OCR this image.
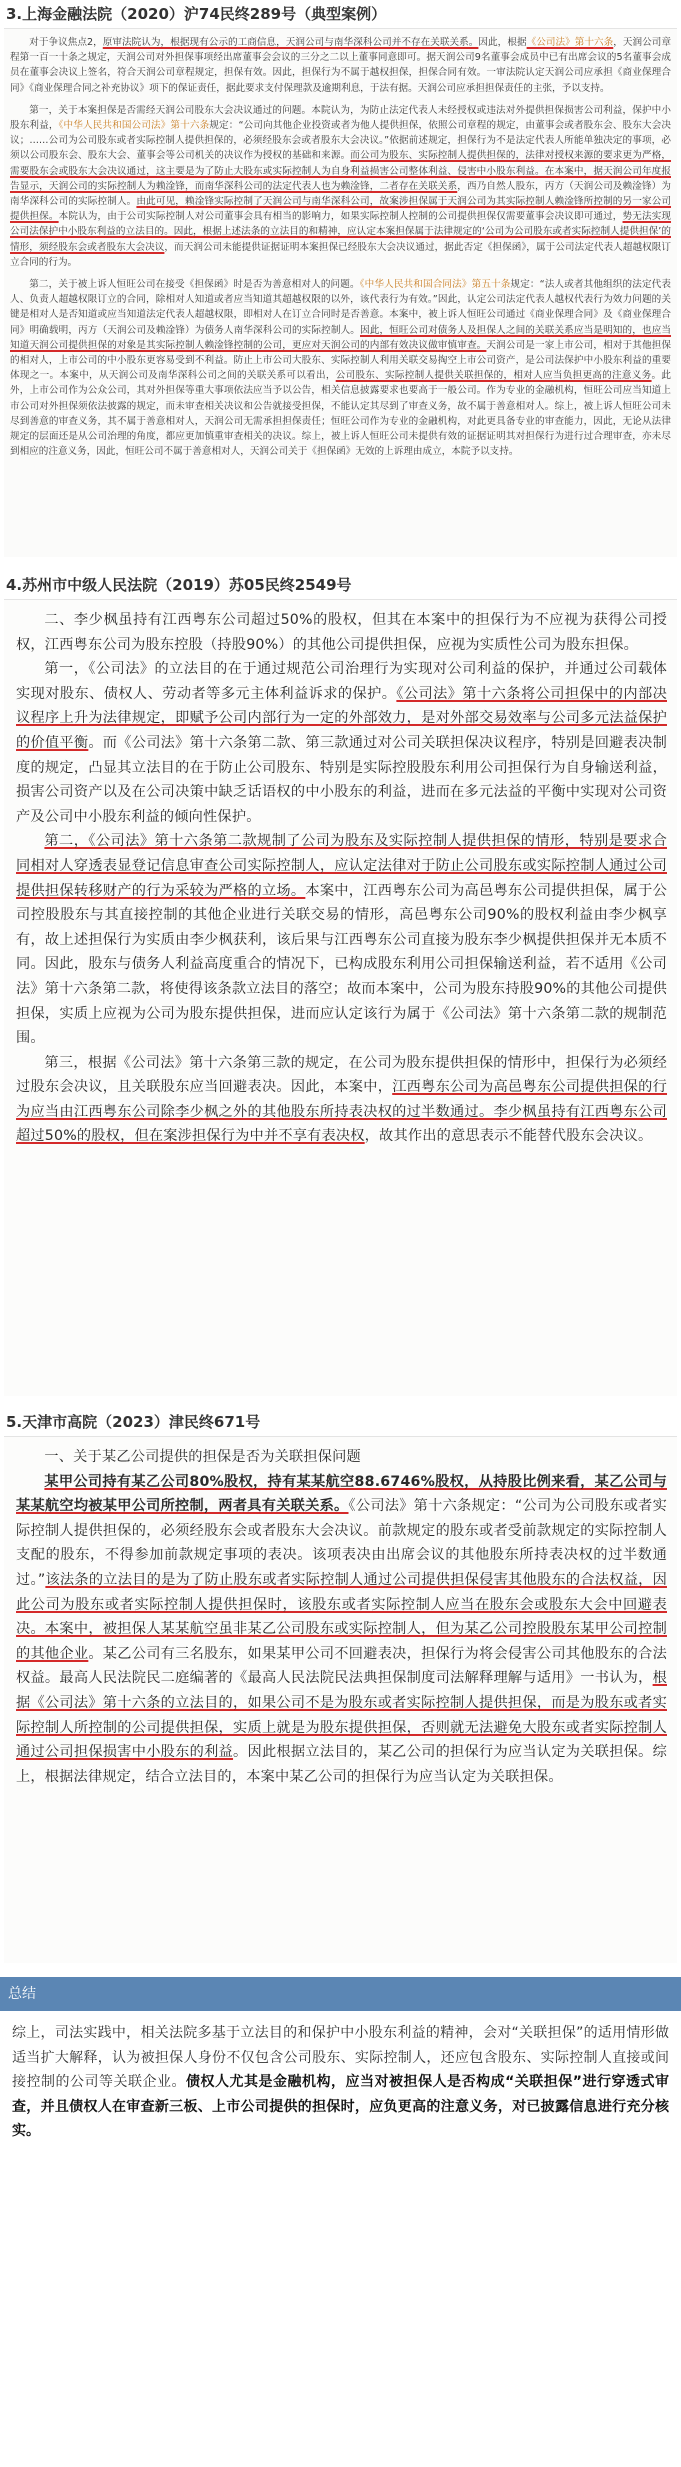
3.上海金融法院（2020）沪74民终289号（典型案例）

对于争议焦点2，原审法院认为，根据现有公示的工商信息，天润公司与南华深科公司并不存在关联关系。因此，根据《公司法》第十六条，天润公司章程第一百一十条之规定，天润公司对外担保事项经出席董事会会议的三分之二以上董事同意即可。据天润公司9名董事会成员中已有出席会议的5名董事会成员在董事会决议上签名，符合天润公司章程规定，担保有效。因此，担保行为不属于越权担保，担保合同有效。一审法院认定天润公司应承担《商业保理合同》《商业保理合同之补充协议》项下的保证责任，据此要求支付保理款及逾期利息，于法有据。天润公司应承担担保责任的主张，予以支持。

第一，关于本案担保是否需经天润公司股东大会决议通过的问题。本院认为，为防止法定代表人未经授权或违法对外提供担保损害公司利益，保护中小股东利益，《中华人民共和国公司法》第十六条规定：“公司向其他企业投资或者为他人提供担保，依照公司章程的规定，由董事会或者股东会、股东大会决议；……公司为公司股东或者实际控制人提供担保的，必须经股东会或者股东大会决议。”依据前述规定，担保行为不是法定代表人所能单独决定的事项，必须以公司股东会、股东大会、董事会等公司机关的决议作为授权的基础和来源。而公司为股东、实际控制人提供担保的，法律对授权来源的要求更为严格，需要股东会或股东大会决议通过，这主要是为了防止大股东或实际控制人为自身利益损害公司整体利益、侵害中小股东利益。在本案中，据天润公司年度报告显示，天润公司的实际控制人为赖淦锋，而南华深科公司的法定代表人也为赖淦锋，二者存在关联关系，西乃自然人股东，丙方（天润公司及赖淦锋）为南华深科公司的实际控制人。由此可见，赖淦锋实际控制了天润公司与南华深科公司，故案涉担保属于天润公司为其实际控制人赖淦锋所控制的另一家公司提供担保。本院认为，由于公司实际控制人对公司董事会具有相当的影响力，如果实际控制人控制的公司提供担保仅需要董事会决议即可通过，势无法实现公司法保护中小股东利益的立法目的。因此，根据上述法条的立法目的和精神，应认定本案担保属于法律规定的‘公司为公司股东或者实际控制人提供担保’的情形，须经股东会或者股东大会决议，而天润公司未能提供证据证明本案担保已经股东大会决议通过，据此否定《担保函》，属于公司法定代表人超越权限订立合同的行为。

第二，关于被上诉人恒旺公司在接受《担保函》时是否为善意相对人的问题。《中华人民共和国合同法》第五十条规定：“法人或者其他组织的法定代表人、负责人超越权限订立的合同，除相对人知道或者应当知道其超越权限的以外，该代表行为有效。”因此，认定公司法定代表人越权代表行为效力问题的关键是相对人是否知道或应当知道法定代表人超越权限，即相对人在订立合同时是否善意。本案中，被上诉人恒旺公司通过《商业保理合同》及《商业保理合同》明确载明，丙方（天润公司及赖淦锋）为债务人南华深科公司的实际控制人。因此，恒旺公司对债务人及担保人之间的关联关系应当是明知的，也应当知道天润公司提供担保的对象是其实际控制人赖淦锋控制的公司，更应对天润公司的内部有效决议做审慎审查。天润公司是一家上市公司，相对于其他担保的相对人，上市公司的中小股东更容易受到不利益。防止上市公司大股东、实际控制人利用关联交易掏空上市公司资产，是公司法保护中小股东利益的重要体现之一。本案中，从天润公司及南华深科公司之间的关联关系可以看出，公司股东、实际控制人提供关联担保的，相对人应当负担更高的注意义务。此外，上市公司作为公众公司，其对外担保等重大事项依法应当予以公告，相关信息披露要求也要高于一般公司。作为专业的金融机构，恒旺公司应当知道上市公司对外担保须依法披露的规定，而未审查相关决议和公告就接受担保，不能认定其尽到了审查义务，故不属于善意相对人。综上，被上诉人恒旺公司未尽到善意的审查义务，其不属于善意相对人，天润公司无需承担担保责任；恒旺公司作为专业的金融机构，对此更具备专业的审查能力，因此，无论从法律规定的层面还是从公司治理的角度，都应更加慎重审查相关的决议。综上，被上诉人恒旺公司未提供有效的证据证明其对担保行为进行过合理审查，亦未尽到相应的注意义务，因此，恒旺公司不属于善意相对人，天润公司关于《担保函》无效的上诉理由成立，本院予以支持。

4.苏州市中级人民法院（2019）苏05民终2549号

二、李少枫虽持有江西粤东公司超过50%的股权，但其在本案中的担保行为不应视为获得公司授权，江西粤东公司为股东控股（持股90%）的其他公司提供担保，应视为实质性公司为股东担保。

第一，《公司法》的立法目的在于通过规范公司治理行为实现对公司利益的保护，并通过公司载体实现对股东、债权人、劳动者等多元主体利益诉求的保护。《公司法》第十六条将公司担保中的内部决议程序上升为法律规定，即赋予公司内部行为一定的外部效力，是对外部交易效率与公司多元法益保护的价值平衡。而《公司法》第十六条第二款、第三款通过对公司关联担保决议程序，特别是回避表决制度的规定，凸显其立法目的在于防止公司股东、特别是实际控股股东利用公司担保行为自身输送利益，损害公司资产以及在公司决策中缺乏话语权的中小股东的利益，进而在多元法益的平衡中实现对公司资产及公司中小股东利益的倾向性保护。

第二，《公司法》第十六条第二款规制了公司为股东及实际控制人提供担保的情形，特别是要求合同相对人穿透表显登记信息审查公司实际控制人，应认定法律对于防止公司股东或实际控制人通过公司提供担保转移财产的行为采较为严格的立场。本案中，江西粤东公司为高邑粤东公司提供担保，属于公司控股股东与其直接控制的其他企业进行关联交易的情形，高邑粤东公司90%的股权利益由李少枫享有，故上述担保行为实质由李少枫获利，该后果与江西粤东公司直接为股东李少枫提供担保并无本质不同。因此，股东与债务人利益高度重合的情况下，已构成股东利用公司担保输送利益，若不适用《公司法》第十六条第二款，将使得该条款立法目的落空；故而本案中，公司为股东持股90%的其他公司提供担保，实质上应视为公司为股东提供担保，进而应认定该行为属于《公司法》第十六条第二款的规制范围。

第三，根据《公司法》第十六条第三款的规定，在公司为股东提供担保的情形中，担保行为必须经过股东会决议，且关联股东应当回避表决。因此，本案中，江西粤东公司为高邑粤东公司提供担保的行为应当由江西粤东公司除李少枫之外的其他股东所持表决权的过半数通过。李少枫虽持有江西粤东公司超过50%的股权，但在案涉担保行为中并不享有表决权，故其作出的意思表示不能替代股东会决议。

5.天津市高院（2023）津民终671号

一、关于某乙公司提供的担保是否为关联担保问题

某甲公司持有某乙公司80%股权，持有某某航空88.6746%股权，从持股比例来看，某乙公司与某某航空均被某甲公司所控制，两者具有关联关系。《公司法》第十六条规定：“公司为公司股东或者实际控制人提供担保的，必须经股东会或者股东大会决议。前款规定的股东或者受前款规定的实际控制人支配的股东，不得参加前款规定事项的表决。该项表决由出席会议的其他股东所持表决权的过半数通过。”该法条的立法目的是为了防止股东或者实际控制人通过公司提供担保侵害其他股东的合法权益，因此公司为股东或者实际控制人提供担保时，该股东或者实际控制人应当在股东会或股东大会中回避表决。本案中，被担保人某某航空虽非某乙公司股东或实际控制人，但为某乙公司控股股东某甲公司控制的其他企业。某乙公司有三名股东，如果某甲公司不回避表决，担保行为将会侵害公司其他股东的合法权益。最高人民法院民二庭编著的《最高人民法院民法典担保制度司法解释理解与适用》一书认为，根据《公司法》第十六条的立法目的，如果公司不是为股东或者实际控制人提供担保，而是为股东或者实际控制人所控制的公司提供担保，实质上就是为股东提供担保，否则就无法避免大股东或者实际控制人通过公司担保损害中小股东的利益。因此根据立法目的，某乙公司的担保行为应当认定为关联担保。综上，根据法律规定，结合立法目的，本案中某乙公司的担保行为应当认定为关联担保。

总结

综上，司法实践中，相关法院多基于立法目的和保护中小股东利益的精神，会对“关联担保”的适用情形做适当扩大解释，认为被担保人身份不仅包含公司股东、实际控制人，还应包含股东、实际控制人直接或间接控制的公司等关联企业。债权人尤其是金融机构，应当对被担保人是否构成“关联担保”进行穿透式审查，并且债权人在审查新三板、上市公司提供的担保时，应负更高的注意义务，对已披露信息进行充分核实。
